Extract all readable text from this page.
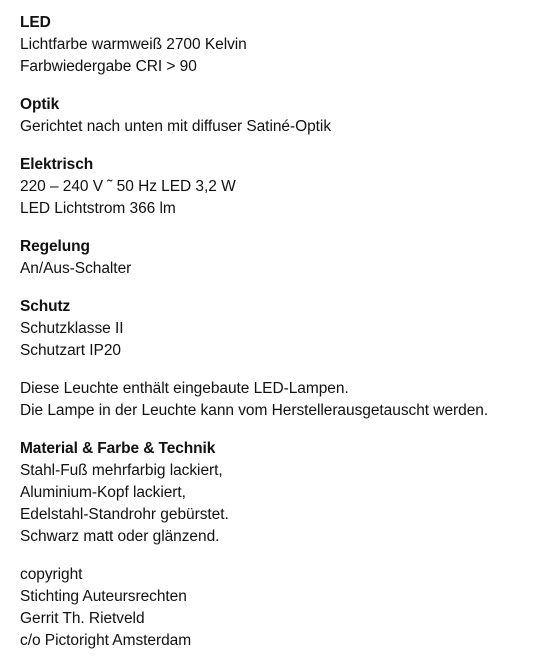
LED
Lichtfarbe warmweiß 2700 Kelvin
Farbwiedergabe CRI > 90
Optik
Gerichtet nach unten mit diffuser Satiné-Optik
Elektrisch
220 – 240 V ˜ 50 Hz LED 3,2 W
LED Lichtstrom 366 lm
Regelung
An/Aus-Schalter
Schutz
Schutzklasse II
Schutzart IP20
Diese Leuchte enthält eingebaute LED-Lampen.
Die Lampe in der Leuchte kann vom Herstellerausgetauscht werden.
Material & Farbe & Technik
Stahl-Fuß mehrfarbig lackiert,
Aluminium-Kopf lackiert,
Edelstahl-Standrohr gebürstet.
Schwarz matt oder glänzend.
copyright
Stichting Auteursrechten
Gerrit Th. Rietveld
c/o Pictoright Amsterdam
